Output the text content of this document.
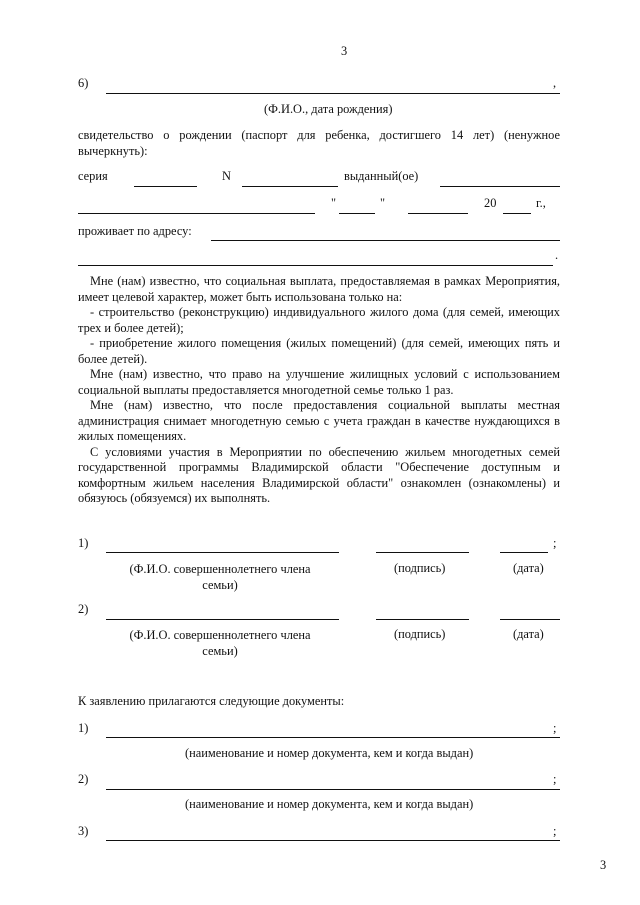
3
6)	,
(Ф.И.О., дата рождения)

свидетельство о рождении (паспорт для ребенка, достигшего 14 лет) (ненужное вычеркнуть):

серия	N	выданный(ое)
"	"	20	г.,
проживает по адресу:
.

Мне (нам) известно, что социальная выплата, предоставляемая в рамках Мероприятия, имеет целевой характер, может быть использована только на:

- строительство (реконструкцию) индивидуального жилого дома (для семей, имеющих трех и более детей);

- приобретение жилого помещения (жилых помещений) (для семей, имеющих пять и более детей).

Мне (нам) известно, что право на улучшение жилищных условий с использованием социальной выплаты предоставляется многодетной семье только 1 раз.

Мне (нам) известно, что после предоставления социальной выплаты местная администрация снимает многодетную семью с учета граждан в качестве нуждающихся в жилых помещениях.

С условиями участия в Мероприятии по обеспечению жильем многодетных семей государственной программы Владимирской области "Обеспечение доступным и комфортным жильем населения Владимирской области" ознакомлен (ознакомлены) и обязуюсь (обязуемся) их выполнять.

1)	;
(Ф.И.О. совершеннолетнего члена семьи)
(подпись)	(дата)
2)
(Ф.И.О. совершеннолетнего члена семьи)
(подпись)	(дата)
К заявлению прилагаются следующие документы:
1)	;
(наименование и номер документа, кем и когда выдан)
2)	;
(наименование и номер документа, кем и когда выдан)
3)	;
3
